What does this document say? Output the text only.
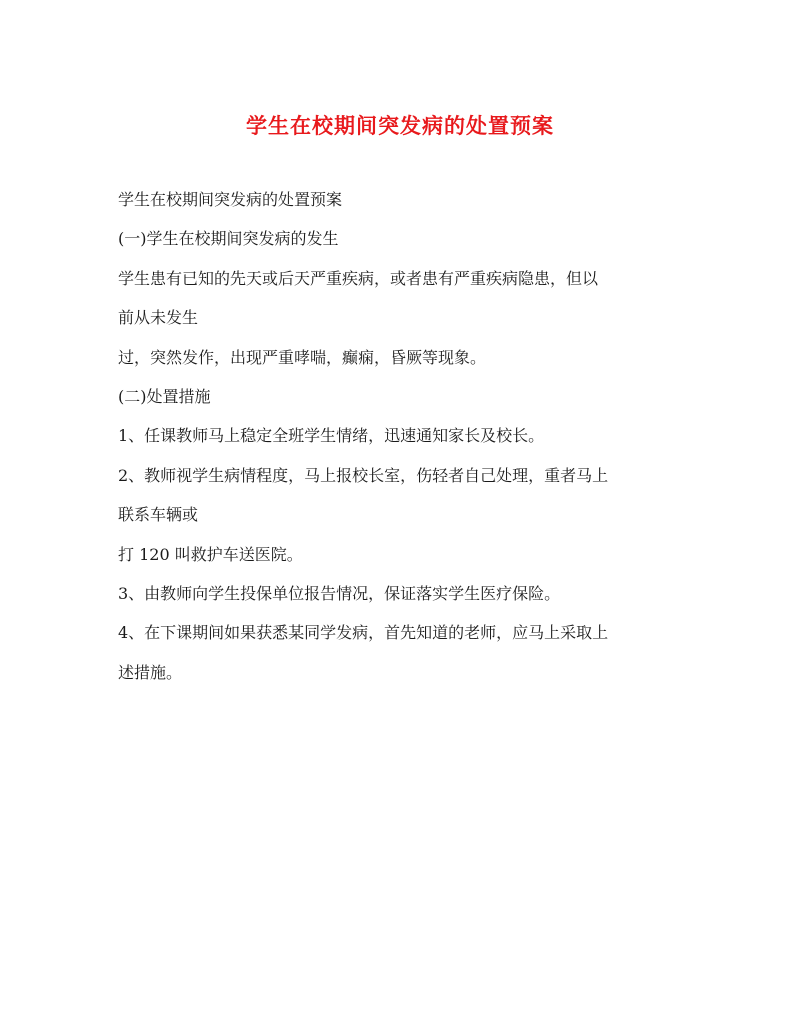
学生在校期间突发病的处置预案

学生在校期间突发病的处置预案

(一)学生在校期间突发病的发生

学生患有已知的先天或后天严重疾病，或者患有严重疾病隐患，但以

前从未发生

过，突然发作，出现严重哮喘，癫痫，昏厥等现象。

(二)处置措施

1、任课教师马上稳定全班学生情绪，迅速通知家长及校长。

2、教师视学生病情程度，马上报校长室，伤轻者自己处理，重者马上

联系车辆或

打 120 叫救护车送医院。

3、由教师向学生投保单位报告情况，保证落实学生医疗保险。

4、在下课期间如果获悉某同学发病，首先知道的老师，应马上采取上

述措施。
